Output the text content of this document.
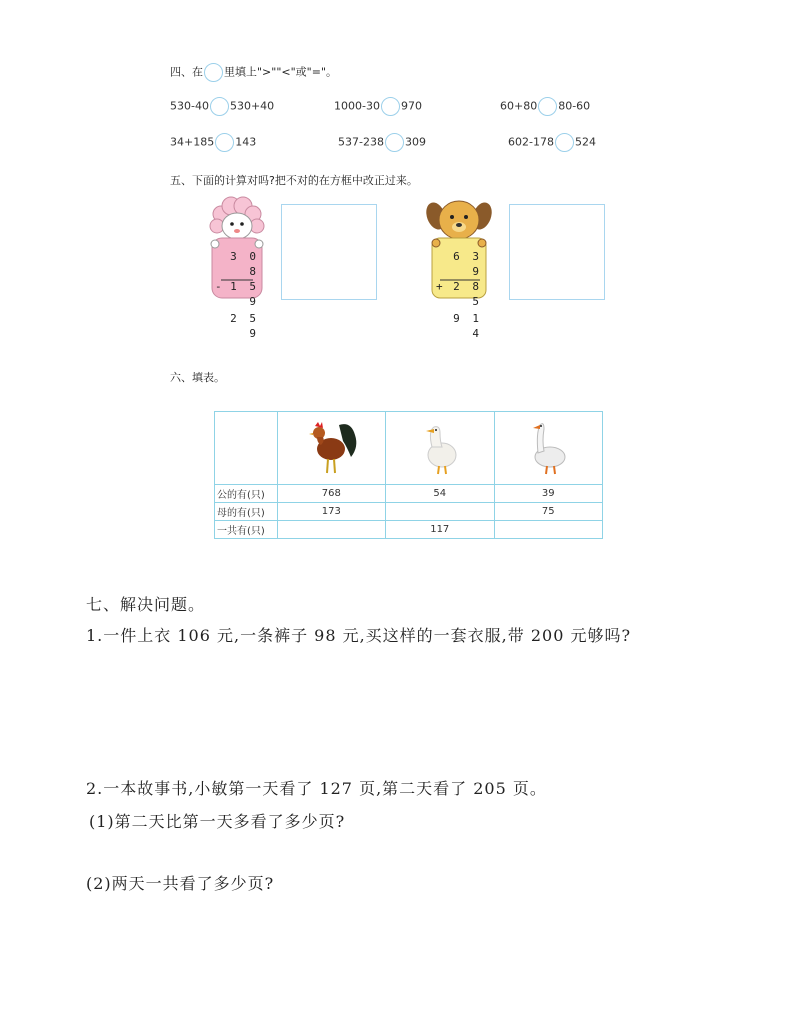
四、在 里填上">""<"或"="。
530-40 530+40	1000-30 970	60+80 80-60
34+185 143	537-238 309	602-178 524
五、下面的计算对吗?把不对的在方框中改正过来。
3 0 8
- 1 5 9
2 5 9
6 3 9
+ 2 8 5
9 1 4
六、填表。

公的有(只)	768	54	39
母的有(只)	173		75
一共有(只)		117	
七、解决问题。
1.一件上衣 106 元,一条裤子 98 元,买这样的一套衣服,带 200 元够吗?
2.一本故事书,小敏第一天看了 127 页,第二天看了 205 页。
(1)第二天比第一天多看了多少页?
(2)两天一共看了多少页?
